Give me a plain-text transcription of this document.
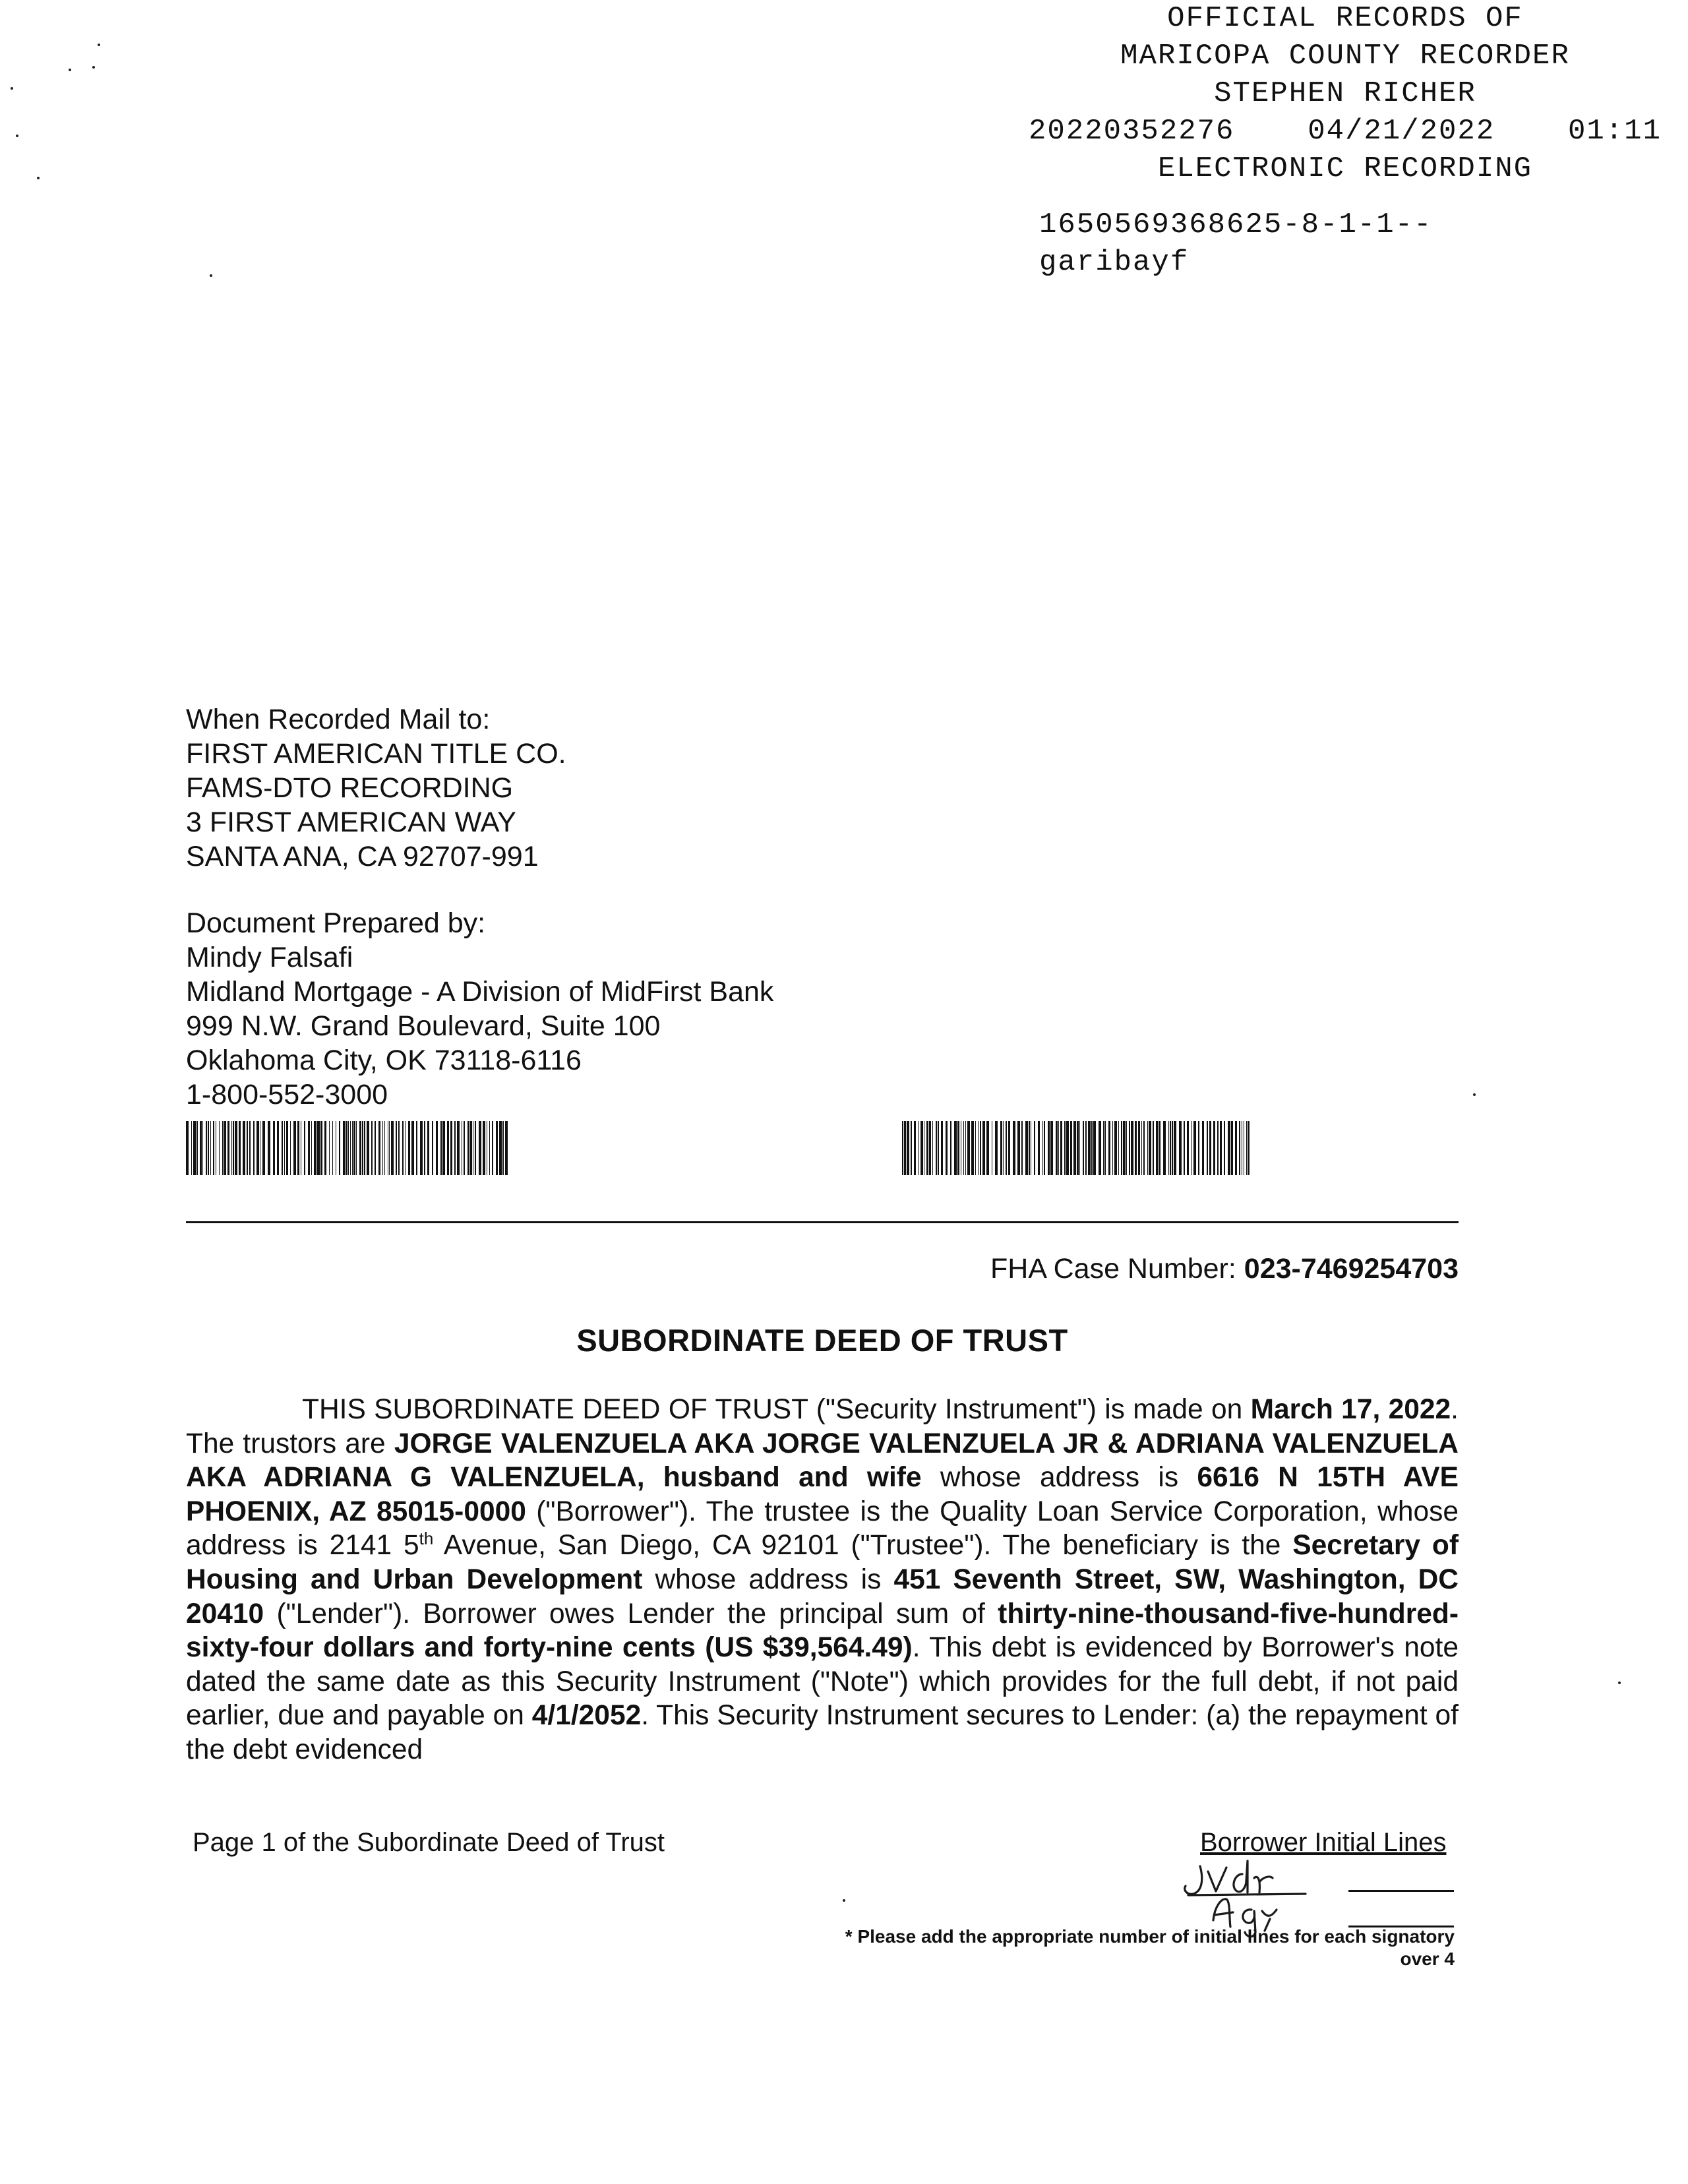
OFFICIAL RECORDS OF
MARICOPA COUNTY RECORDER
STEPHEN RICHER
20220352276	04/21/2022	01:11
ELECTRONIC RECORDING
1650569368625-8-1-1--
garibayf
When Recorded Mail to:
FIRST AMERICAN TITLE CO.
FAMS-DTO RECORDING
3 FIRST AMERICAN WAY
SANTA ANA, CA 92707-991
Document Prepared by:
Mindy Falsafi
Midland Mortgage - A Division of MidFirst Bank
999 N.W. Grand Boulevard, Suite 100
Oklahoma City, OK 73118-6116
1-800-552-3000
FHA Case Number: 023-7469254703
SUBORDINATE DEED OF TRUST
THIS SUBORDINATE DEED OF TRUST ("Security Instrument") is made on March 17, 2022. The trustors are JORGE VALENZUELA AKA JORGE VALENZUELA JR & ADRIANA VALENZUELA AKA ADRIANA G VALENZUELA, husband and wife whose address is 6616 N 15TH AVE PHOENIX, AZ 85015-0000 ("Borrower"). The trustee is the Quality Loan Service Corporation, whose address is 2141 5th Avenue, San Diego, CA 92101 ("Trustee"). The beneficiary is the Secretary of Housing and Urban Development whose address is 451 Seventh Street, SW, Washington, DC 20410 ("Lender"). Borrower owes Lender the principal sum of thirty-nine-thousand-five-hundred-sixty-four dollars and forty-nine cents (US $39,564.49). This debt is evidenced by Borrower's note dated the same date as this Security Instrument ("Note") which provides for the full debt, if not paid earlier, due and payable on 4/1/2052. This Security Instrument secures to Lender: (a) the repayment of the debt evidenced
Page 1 of the Subordinate Deed of Trust	Borrower Initial Lines
* Please add the appropriate number of initial lines for each signatory
over 4
